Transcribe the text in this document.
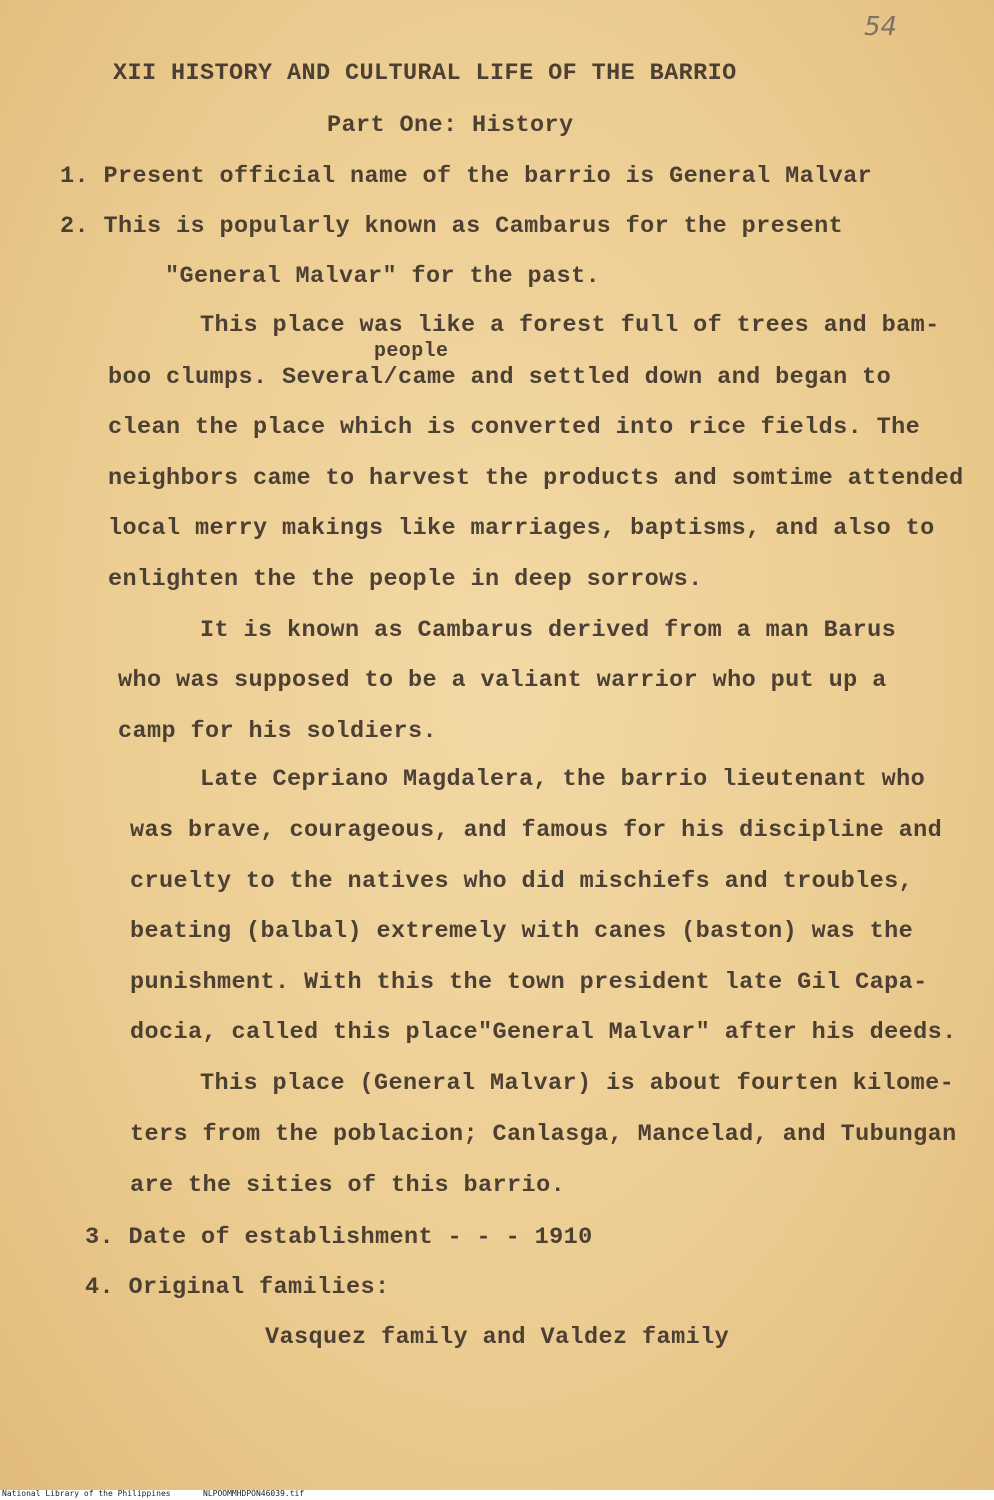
54
XII HISTORY AND CULTURAL LIFE OF THE BARRIO
Part One: History
1. Present official name of the barrio is General Malvar
2. This is popularly known as Cambarus for the present
"General Malvar" for the past.
This place was like a forest full of trees and bam-
people
boo clumps. Several/came and settled down and began to
clean the place which is converted into rice fields. The
neighbors came to harvest the products and somtime attended
local merry makings like marriages, baptisms, and also to
enlighten the the people in deep sorrows.
It is known as Cambarus derived from a man Barus
who was supposed to be a valiant warrior who put up a
camp for his soldiers.
Late Cepriano Magdalera, the barrio lieutenant who
was brave, courageous, and famous for his discipline and
cruelty to the natives who did mischiefs and troubles,
beating (balbal) extremely with canes (baston) was the
punishment. With this the town president late Gil Capa-
docia, called this place"General Malvar" after his deeds.
This place (General Malvar) is about fourten kilome-
ters from the poblacion; Canlasga, Mancelad, and Tubungan
are the sities of this barrio.
3. Date of establishment - - - 1910
4. Original families:
Vasquez family and Valdez family
National Library of the Philippines	NLPOOMMHDPON46039.tif
